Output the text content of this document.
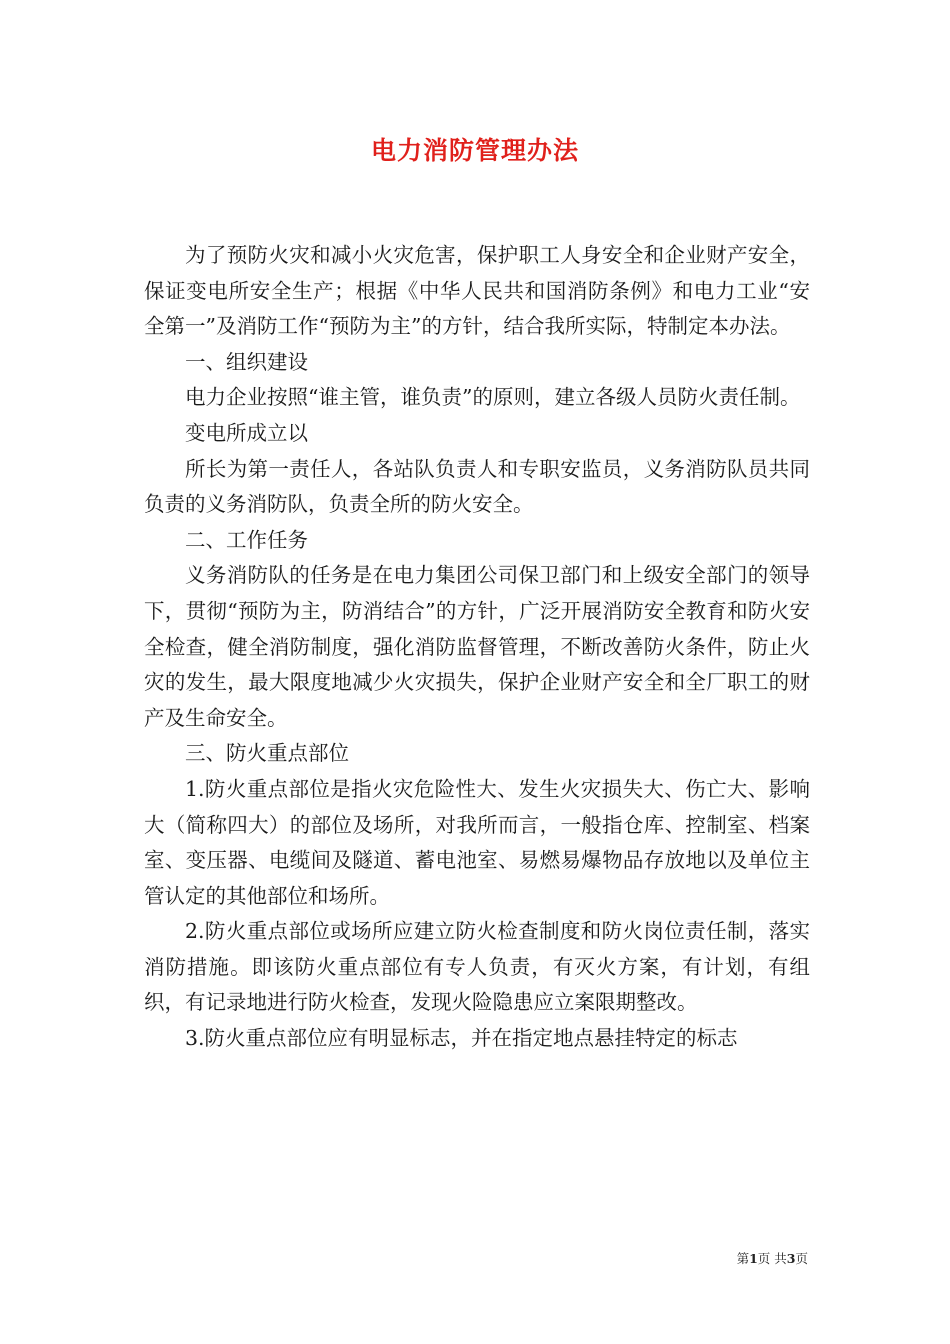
电力消防管理办法

为了预防火灾和减小火灾危害，保护职工人身安全和企业财产安全，保证变电所安全生产；根据《中华人民共和国消防条例》和电力工业“安全第一”及消防工作“预防为主”的方针，结合我所实际，特制定本办法。

一、组织建设

电力企业按照“谁主管，谁负责”的原则，建立各级人员防火责任制。

变电所成立以

所长为第一责任人，各站队负责人和专职安监员，义务消防队员共同负责的义务消防队，负责全所的防火安全。

二、工作任务

义务消防队的任务是在电力集团公司保卫部门和上级安全部门的领导下，贯彻“预防为主，防消结合”的方针，广泛开展消防安全教育和防火安全检查，健全消防制度，强化消防监督管理，不断改善防火条件，防止火灾的发生，最大限度地减少火灾损失，保护企业财产安全和全厂职工的财产及生命安全。

三、防火重点部位

1.防火重点部位是指火灾危险性大、发生火灾损失大、伤亡大、影响大（简称四大）的部位及场所，对我所而言，一般指仓库、控制室、档案室、变压器、电缆间及隧道、蓄电池室、易燃易爆物品存放地以及单位主管认定的其他部位和场所。

2.防火重点部位或场所应建立防火检查制度和防火岗位责任制，落实消防措施。即该防火重点部位有专人负责，有灭火方案，有计划，有组织，有记录地进行防火检查，发现火险隐患应立案限期整改。

3.防火重点部位应有明显标志，并在指定地点悬挂特定的标志

第1页 共3页
